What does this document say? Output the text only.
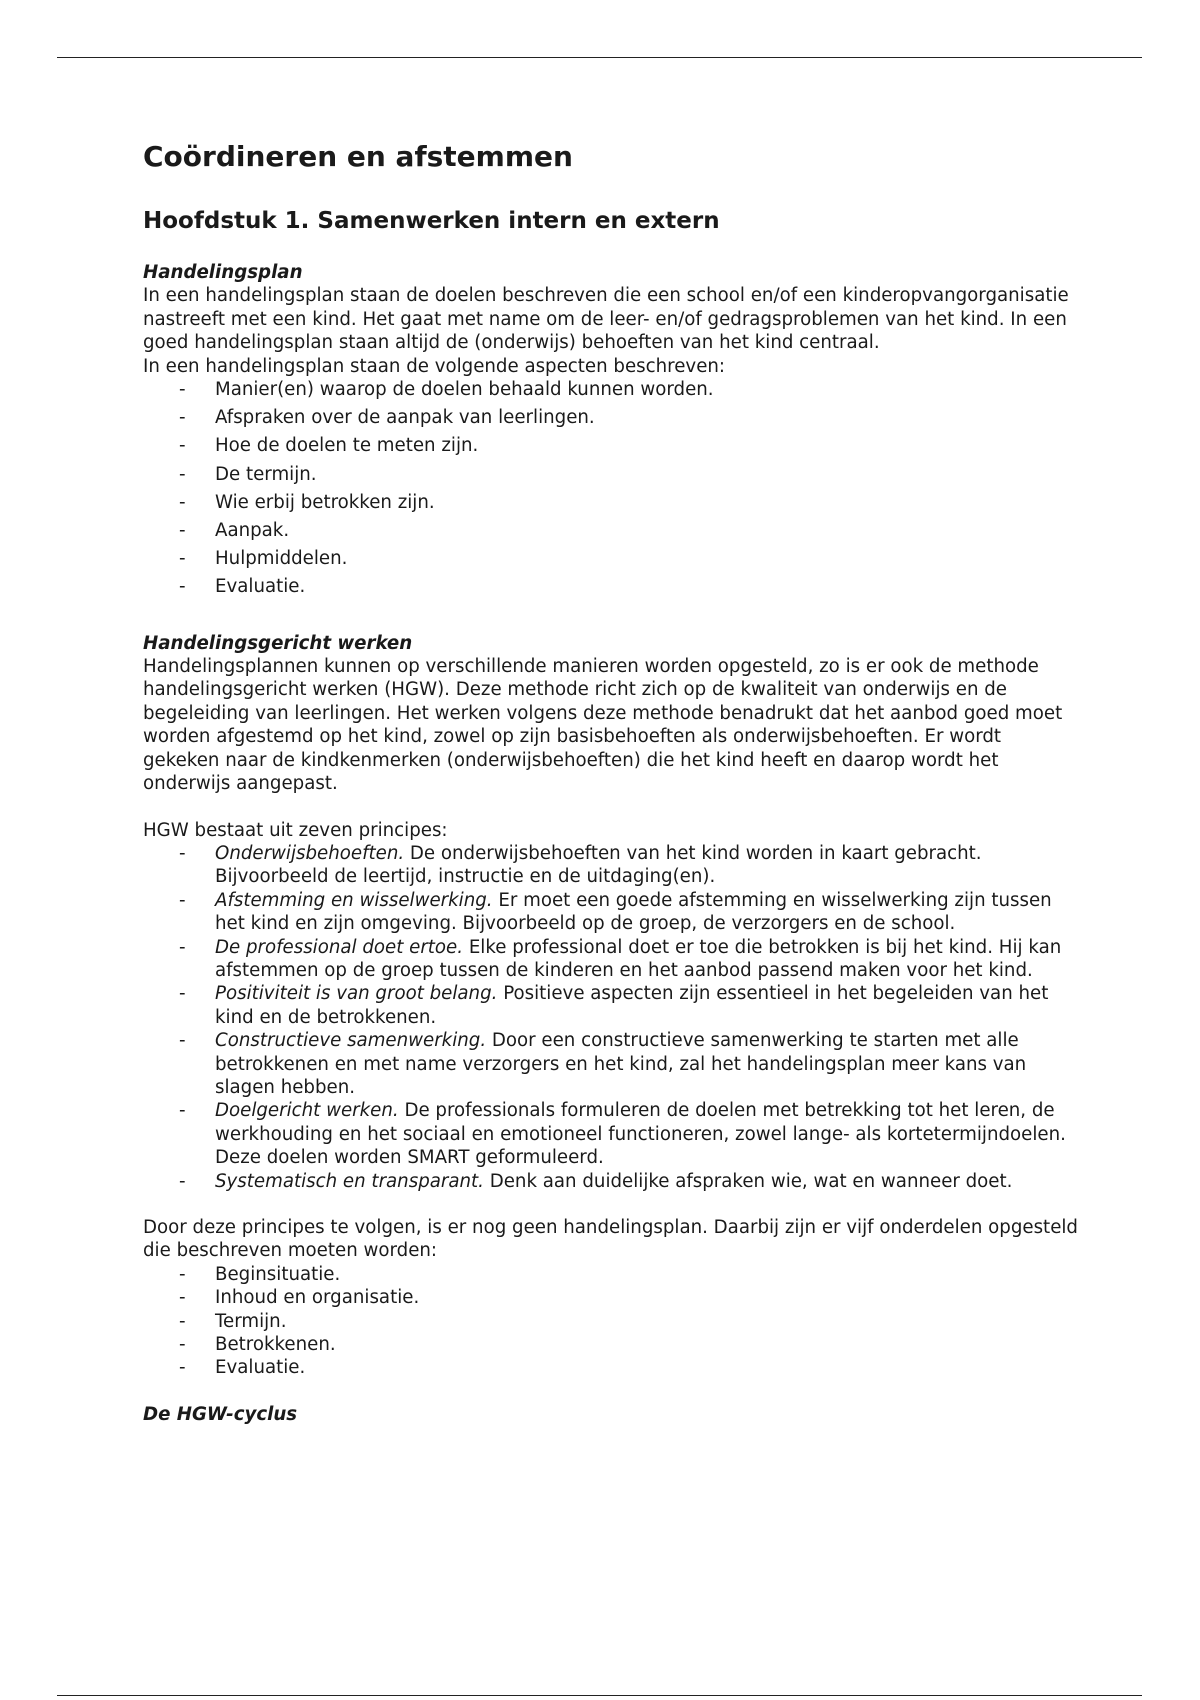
Coördineren en afstemmen
Hoofdstuk 1. Samenwerken intern en extern

Handelingsplan

In een handelingsplan staan de doelen beschreven die een school en/of een kinderopvangorganisatie nastreeft met een kind. Het gaat met name om de leer- en/of gedragsproblemen van het kind. In een goed handelingsplan staan altijd de (onderwijs) behoeften van het kind centraal.

In een handelingsplan staan de volgende aspecten beschreven:

- Manier(en) waarop de doelen behaald kunnen worden.
- Afspraken over de aanpak van leerlingen.
- Hoe de doelen te meten zijn.
- De termijn.
- Wie erbij betrokken zijn.
- Aanpak.
- Hulpmiddelen.
- Evaluatie.

Handelingsgericht werken

Handelingsplannen kunnen op verschillende manieren worden opgesteld, zo is er ook de methode handelingsgericht werken (HGW). Deze methode richt zich op de kwaliteit van onderwijs en de begeleiding van leerlingen. Het werken volgens deze methode benadrukt dat het aanbod goed moet worden afgestemd op het kind, zowel op zijn basisbehoeften als onderwijsbehoeften. Er wordt gekeken naar de kindkenmerken (onderwijsbehoeften) die het kind heeft en daarop wordt het onderwijs aangepast.

HGW bestaat uit zeven principes:

- Onderwijsbehoeften. De onderwijsbehoeften van het kind worden in kaart gebracht. Bijvoorbeeld de leertijd, instructie en de uitdaging(en).
- Afstemming en wisselwerking. Er moet een goede afstemming en wisselwerking zijn tussen het kind en zijn omgeving. Bijvoorbeeld op de groep, de verzorgers en de school.
- De professional doet ertoe. Elke professional doet er toe die betrokken is bij het kind. Hij kan afstemmen op de groep tussen de kinderen en het aanbod passend maken voor het kind.
- Positiviteit is van groot belang. Positieve aspecten zijn essentieel in het begeleiden van het kind en de betrokkenen.
- Constructieve samenwerking. Door een constructieve samenwerking te starten met alle betrokkenen en met name verzorgers en het kind, zal het handelingsplan meer kans van slagen hebben.
- Doelgericht werken. De professionals formuleren de doelen met betrekking tot het leren, de werkhouding en het sociaal en emotioneel functioneren, zowel lange- als kortetermijndoelen. Deze doelen worden SMART geformuleerd.
- Systematisch en transparant. Denk aan duidelijke afspraken wie, wat en wanneer doet.

Door deze principes te volgen, is er nog geen handelingsplan. Daarbij zijn er vijf onderdelen opgesteld die beschreven moeten worden:

- Beginsituatie.
- Inhoud en organisatie.
- Termijn.
- Betrokkenen.
- Evaluatie.

De HGW-cyclus
